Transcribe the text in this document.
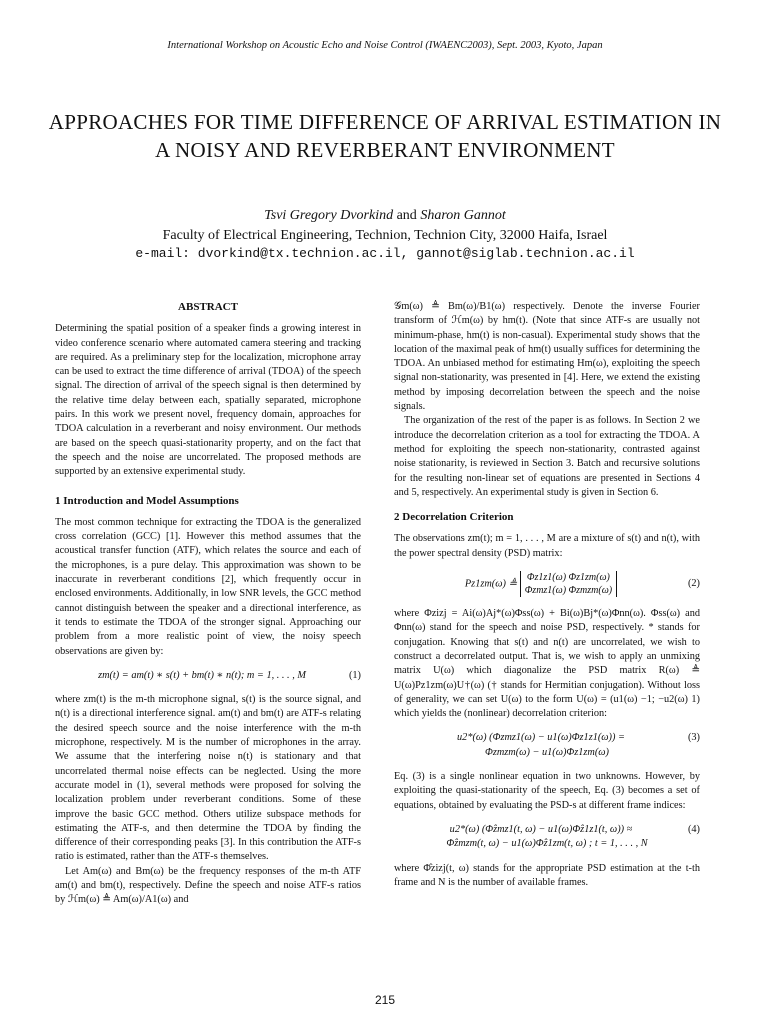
International Workshop on Acoustic Echo and Noise Control (IWAENC2003), Sept. 2003, Kyoto, Japan
APPROACHES FOR TIME DIFFERENCE OF ARRIVAL ESTIMATION IN A NOISY AND REVERBERANT ENVIRONMENT
Tsvi Gregory Dvorkind and Sharon Gannot
Faculty of Electrical Engineering, Technion, Technion City, 32000 Haifa, Israel
e-mail: dvorkind@tx.technion.ac.il, gannot@siglab.technion.ac.il
ABSTRACT

Determining the spatial position of a speaker finds a growing interest in video conference scenario where automated camera steering and tracking are required. As a preliminary step for the localization, microphone array can be used to extract the time difference of arrival (TDOA) of the speech signal. The direction of arrival of the speech signal is then determined by the relative time delay between each, spatially separated, microphone pairs. In this work we present novel, frequency domain, approaches for TDOA calculation in a reverberant and noisy environment. Our methods are based on the speech quasi-stationarity property, and on the fact that the speech and the noise are uncorrelated. The proposed methods are supported by an extensive experimental study.

1 Introduction and Model Assumptions

The most common technique for extracting the TDOA is the generalized cross correlation (GCC) [1]. However this method assumes that the acoustical transfer function (ATF), which relates the source and each of the microphones, is a pure delay. This approximation was shown to be inaccurate in reverberant conditions [2], which frequently occur in enclosed environments. Additionally, in low SNR levels, the GCC method cannot distinguish between the speaker and a directional interference, as it tends to estimate the TDOA of the stronger signal. Approaching our problem from a more realistic point of view, the noisy speech observations are given by:

zm(t) = am(t) ∗ s(t) + bm(t) ∗ n(t); m = 1, . . . , M	(1)

where zm(t) is the m-th microphone signal, s(t) is the source signal, and n(t) is a directional interference signal. am(t) and bm(t) are ATF-s relating the desired speech source and the noise interference with the m-th microphone, respectively. M is the number of microphones in the array. We assume that the interfering noise n(t) is stationary and that uncorrelated thermal noise effects can be neglected. Using the more accurate model in (1), several methods were proposed for solving the localization problem under reverberant conditions. Some of these improve the basic GCC method. Others utilize subspace methods for estimating the ATF-s, and then determine the TDOA by finding the difference of their corresponding peaks [3]. In this contribution the ATF-s ratio is estimated, rather than the ATF-s themselves.

Let Am(ω) and Bm(ω) be the frequency responses of the m-th ATF am(t) and bm(t), respectively. Define the speech and noise ATF-s ratios by ℋm(ω) ≜ Am(ω)/A1(ω) and

𝒢m(ω) ≜ Bm(ω)/B1(ω) respectively. Denote the inverse Fourier transform of ℋm(ω) by hm(t). (Note that since ATF-s are usually not minimum-phase, hm(t) is non-casual). Experimental study shows that the location of the maximal peak of hm(t) usually suffices for determining the TDOA. An unbiased method for estimating Hm(ω), exploiting the speech signal non-stationarity, was presented in [4]. Here, we extend the existing method by imposing decorrelation between the speech and the noise signals.

The organization of the rest of the paper is as follows. In Section 2 we introduce the decorrelation criterion as a tool for extracting the TDOA. A method for exploiting the speech non-stationarity, contrasted against noise stationarity, is reviewed in Section 3. Batch and recursive solutions for the resulting non-linear set of equations are presented in Sections 4 and 5, respectively. An experimental study is given in Section 6.

2 Decorrelation Criterion

The observations zm(t); m = 1, . . . , M are a mixture of s(t) and n(t), with the power spectral density (PSD) matrix:

Pz1zm(ω) ≜ Φz1z1(ω) Φz1zm(ω)
Φzmz1(ω) Φzmzm(ω)
(2)

where Φzizj = Ai(ω)Aj*(ω)Φss(ω) + Bi(ω)Bj*(ω)Φnn(ω). Φss(ω) and Φnn(ω) stand for the speech and noise PSD, respectively. * stands for conjugation. Knowing that s(t) and n(t) are uncorrelated, we wish to construct a decorrelated output. That is, we wish to apply an unmixing matrix U(ω) which diagonalize the PSD matrix R(ω) ≜ U(ω)Pz1zm(ω)U†(ω) († stands for Hermitian conjugation). Without loss of generality, we can set U(ω) to the form U(ω) = (u1(ω) −1; −u2(ω) 1) which yields the (nonlinear) decorrelation criterion:

u2*(ω) (Φzmz1(ω) − u1(ω)Φz1z1(ω)) =	(3)
Φzmzm(ω) − u1(ω)Φz1zm(ω)

Eq. (3) is a single nonlinear equation in two unknowns. However, by exploiting the quasi-stationarity of the speech, Eq. (3) becomes a set of equations, obtained by evaluating the PSD-s at different frame indices:

u2*(ω) (Φ̂zmz1(t, ω) − u1(ω)Φ̂z1z1(t, ω)) ≈	(4)
Φ̂zmzm(t, ω) − u1(ω)Φ̂z1zm(t, ω) ; t = 1, . . . , N

where Φ̂zizj(t, ω) stands for the appropriate PSD estimation at the t-th frame and N is the number of available frames.

215
